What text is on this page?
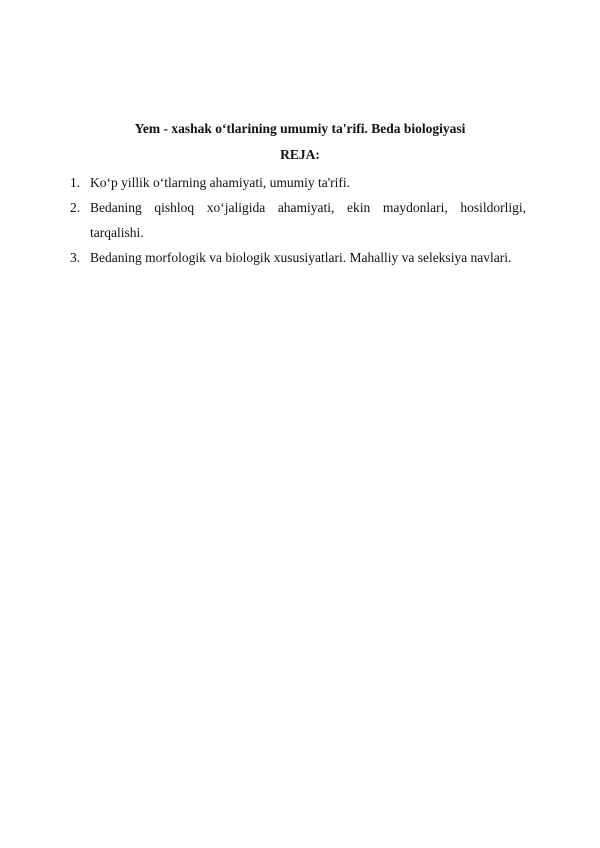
Yem - xashak o‘tlarining umumiy ta'rifi. Beda biologiyasi
REJA:
1. Ko‘p yillik o‘tlarning ahamiyati, umumiy ta'rifi.
2. Bedaning qishloq xo‘jaligida ahamiyati, ekin maydonlari, hosildorligi, tarqalishi.
3. Bedaning morfologik va biologik xususiyatlari. Mahalliy va seleksiya navlari.
